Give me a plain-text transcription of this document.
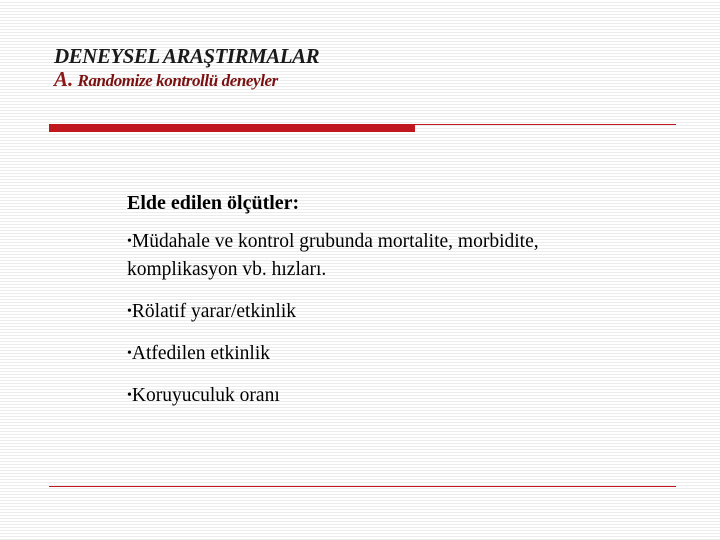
DENEYSEL ARAŞTIRMALAR
A. Randomize kontrollü deneyler
Elde edilen ölçütler:
•Müdahale ve kontrol grubunda mortalite, morbidite, komplikasyon vb. hızları.
•Rölatif yarar/etkinlik
•Atfedilen etkinlik
•Koruyuculuk oranı
